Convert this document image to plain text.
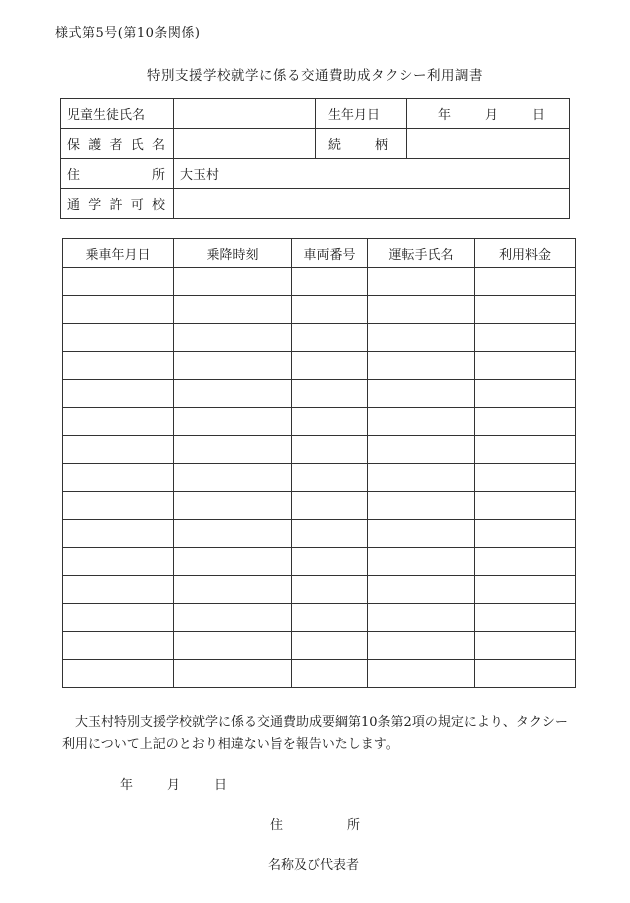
様式第5号(第10条関係)
特別支援学校就学に係る交通費助成タクシー利用調書
児童生徒氏名		生年月日	年 月 日

保 護 者 氏 名		続 柄	

住 所	大玉村		

通 学 許 可 校			

乗車年月日	乗降時刻	車両番号	運転手氏名	利用料金

大玉村特別支援学校就学に係る交通費助成要綱第10条第2項の規定により、タクシー利用について上記のとおり相違ない旨を報告いたします。
年	月	日
住	所
名称及び代表者
